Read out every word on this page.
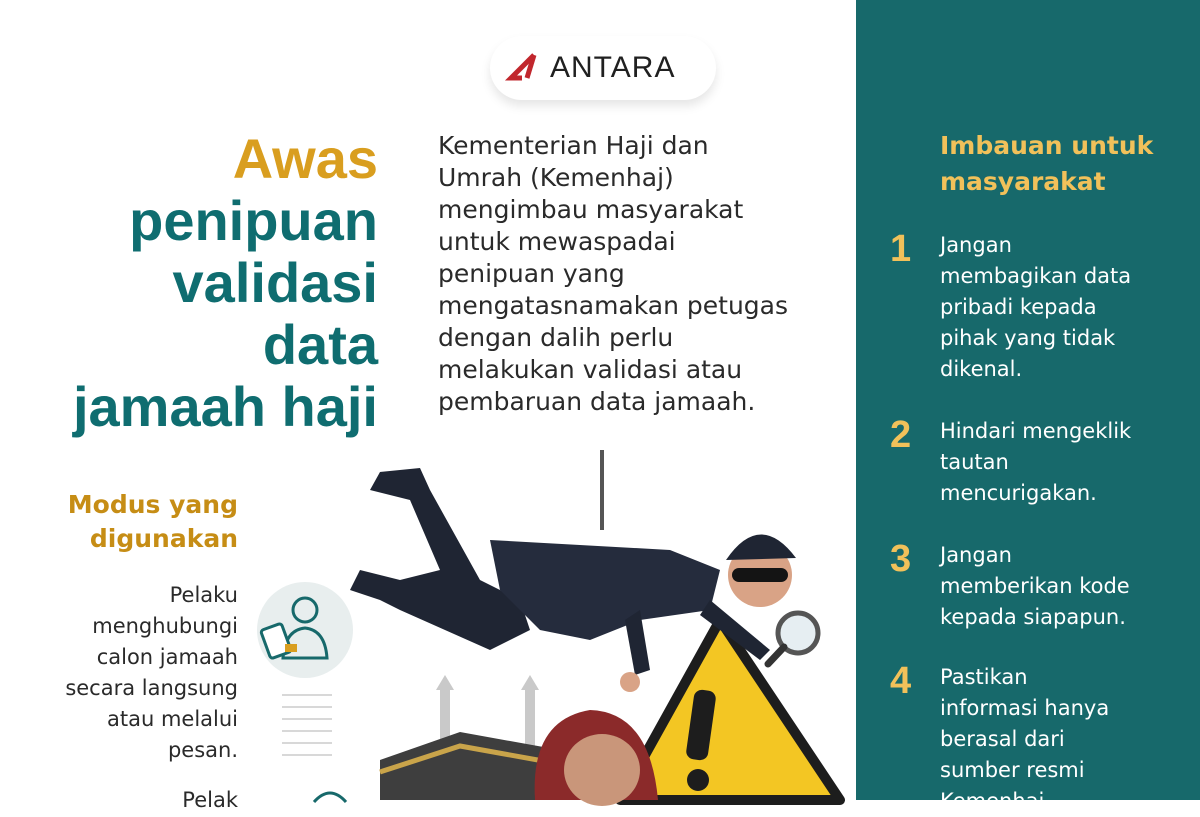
ANTARA
Awas
penipuan
validasi
data
jamaah haji
Kementerian Haji dan
Umrah (Kemenhaj)
mengimbau masyarakat
untuk mewaspadai
penipuan yang
mengatasnamakan petugas
dengan dalih perlu
melakukan validasi atau
pembaruan data jamaah.
Modus yang
digunakan
Pelaku
menghubungi
calon jamaah
secara langsung
atau melalui
pesan.
Pelak
Imbauan untuk
masyarakat
1	Jangan
membagikan data
pribadi kepada
pihak yang tidak
dikenal.
2	Hindari mengeklik
tautan
mencurigakan.
3	Jangan
memberikan kode
kepada siapapun.
4	Pastikan
informasi hanya
berasal dari
sumber resmi
Kemenhaj.
